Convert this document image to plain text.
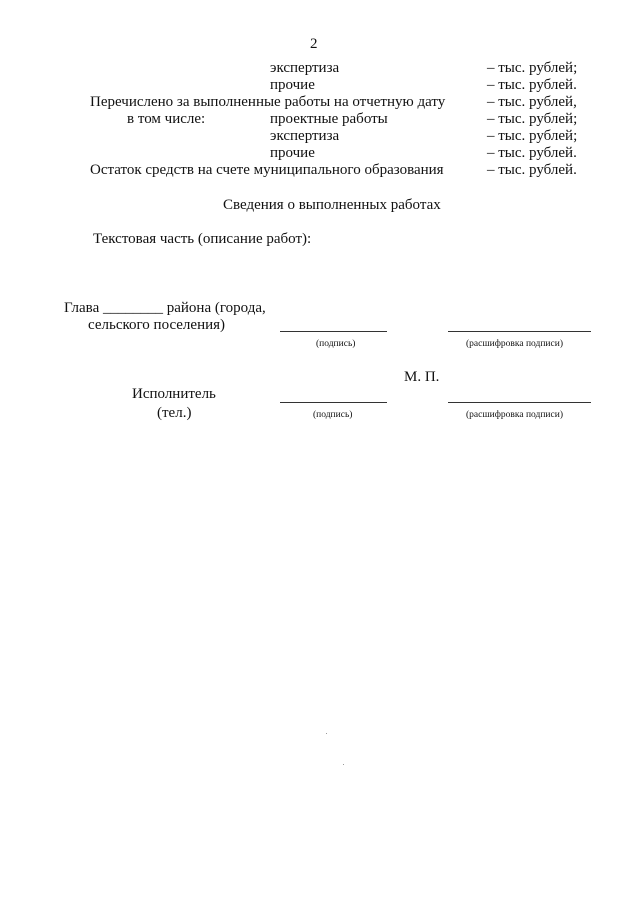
2
экспертиза	– тыс. рублей;
прочие	– тыс. рублей.
Перечислено за выполненные работы на отчетную дату	– тыс. рублей,
в том числе:	проектные работы	– тыс. рублей;
экспертиза	– тыс. рублей;
прочие	– тыс. рублей.
Остаток средств на счете муниципального образования	– тыс. рублей.
Сведения о выполненных работах
Текстовая часть (описание работ):
Глава ________ района (города,
сельского поселения)
(подпись)	(расшифровка подписи)
М. П.
Исполнитель
(тел.)	(подпись)	(расшифровка подписи)
